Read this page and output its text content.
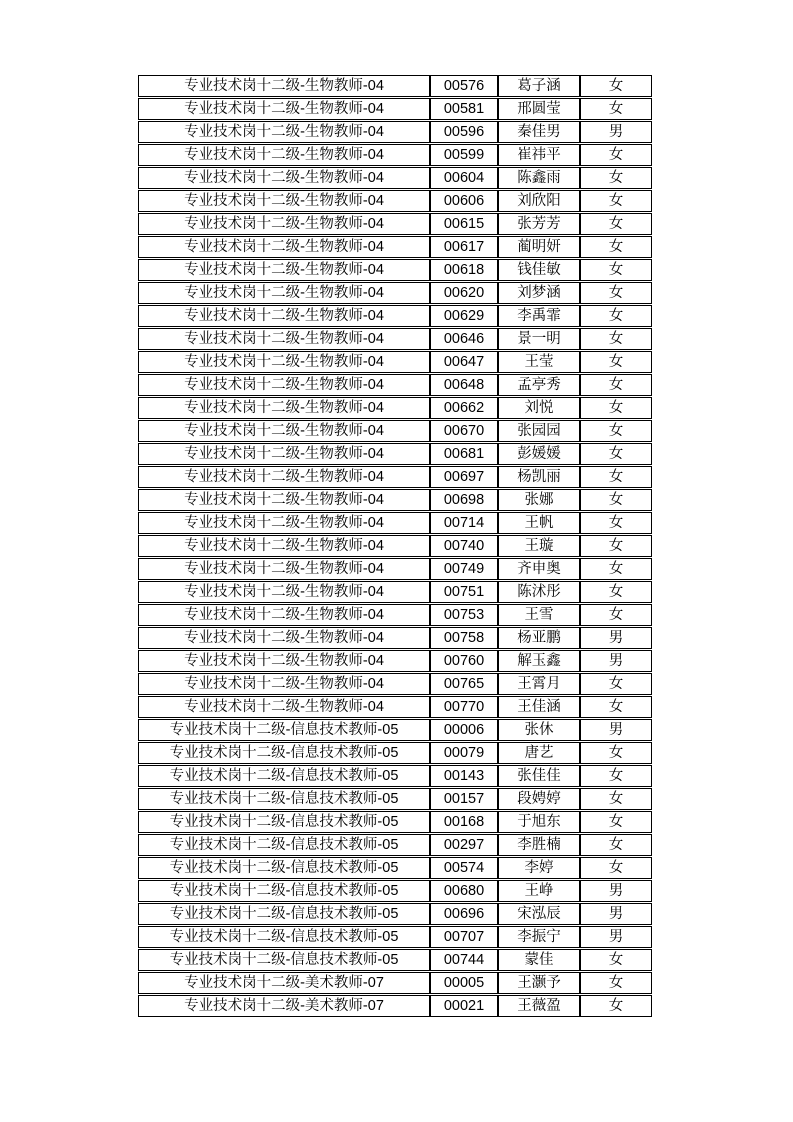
专业技术岗十二级-生物教师-04	00576	葛子涵	女
专业技术岗十二级-生物教师-04	00581	邢圆莹	女
专业技术岗十二级-生物教师-04	00596	秦佳男	男
专业技术岗十二级-生物教师-04	00599	崔祎平	女
专业技术岗十二级-生物教师-04	00604	陈鑫雨	女
专业技术岗十二级-生物教师-04	00606	刘欣阳	女
专业技术岗十二级-生物教师-04	00615	张芳芳	女
专业技术岗十二级-生物教师-04	00617	蔺明妍	女
专业技术岗十二级-生物教师-04	00618	钱佳敏	女
专业技术岗十二级-生物教师-04	00620	刘梦涵	女
专业技术岗十二级-生物教师-04	00629	李禹霏	女
专业技术岗十二级-生物教师-04	00646	景一明	女
专业技术岗十二级-生物教师-04	00647	王莹	女
专业技术岗十二级-生物教师-04	00648	孟亭秀	女
专业技术岗十二级-生物教师-04	00662	刘悦	女
专业技术岗十二级-生物教师-04	00670	张园园	女
专业技术岗十二级-生物教师-04	00681	彭媛媛	女
专业技术岗十二级-生物教师-04	00697	杨凯丽	女
专业技术岗十二级-生物教师-04	00698	张娜	女
专业技术岗十二级-生物教师-04	00714	王帆	女
专业技术岗十二级-生物教师-04	00740	王璇	女
专业技术岗十二级-生物教师-04	00749	齐申奥	女
专业技术岗十二级-生物教师-04	00751	陈沭彤	女
专业技术岗十二级-生物教师-04	00753	王雪	女
专业技术岗十二级-生物教师-04	00758	杨亚鹏	男
专业技术岗十二级-生物教师-04	00760	解玉鑫	男
专业技术岗十二级-生物教师-04	00765	王霄月	女
专业技术岗十二级-生物教师-04	00770	王佳涵	女
专业技术岗十二级-信息技术教师-05	00006	张休	男
专业技术岗十二级-信息技术教师-05	00079	唐艺	女
专业技术岗十二级-信息技术教师-05	00143	张佳佳	女
专业技术岗十二级-信息技术教师-05	00157	段娉婷	女
专业技术岗十二级-信息技术教师-05	00168	于旭东	女
专业技术岗十二级-信息技术教师-05	00297	李胜楠	女
专业技术岗十二级-信息技术教师-05	00574	李婷	女
专业技术岗十二级-信息技术教师-05	00680	王峥	男
专业技术岗十二级-信息技术教师-05	00696	宋泓辰	男
专业技术岗十二级-信息技术教师-05	00707	李振宁	男
专业技术岗十二级-信息技术教师-05	00744	蒙佳	女
专业技术岗十二级-美术教师-07	00005	王灏予	女
专业技术岗十二级-美术教师-07	00021	王薇盈	女
